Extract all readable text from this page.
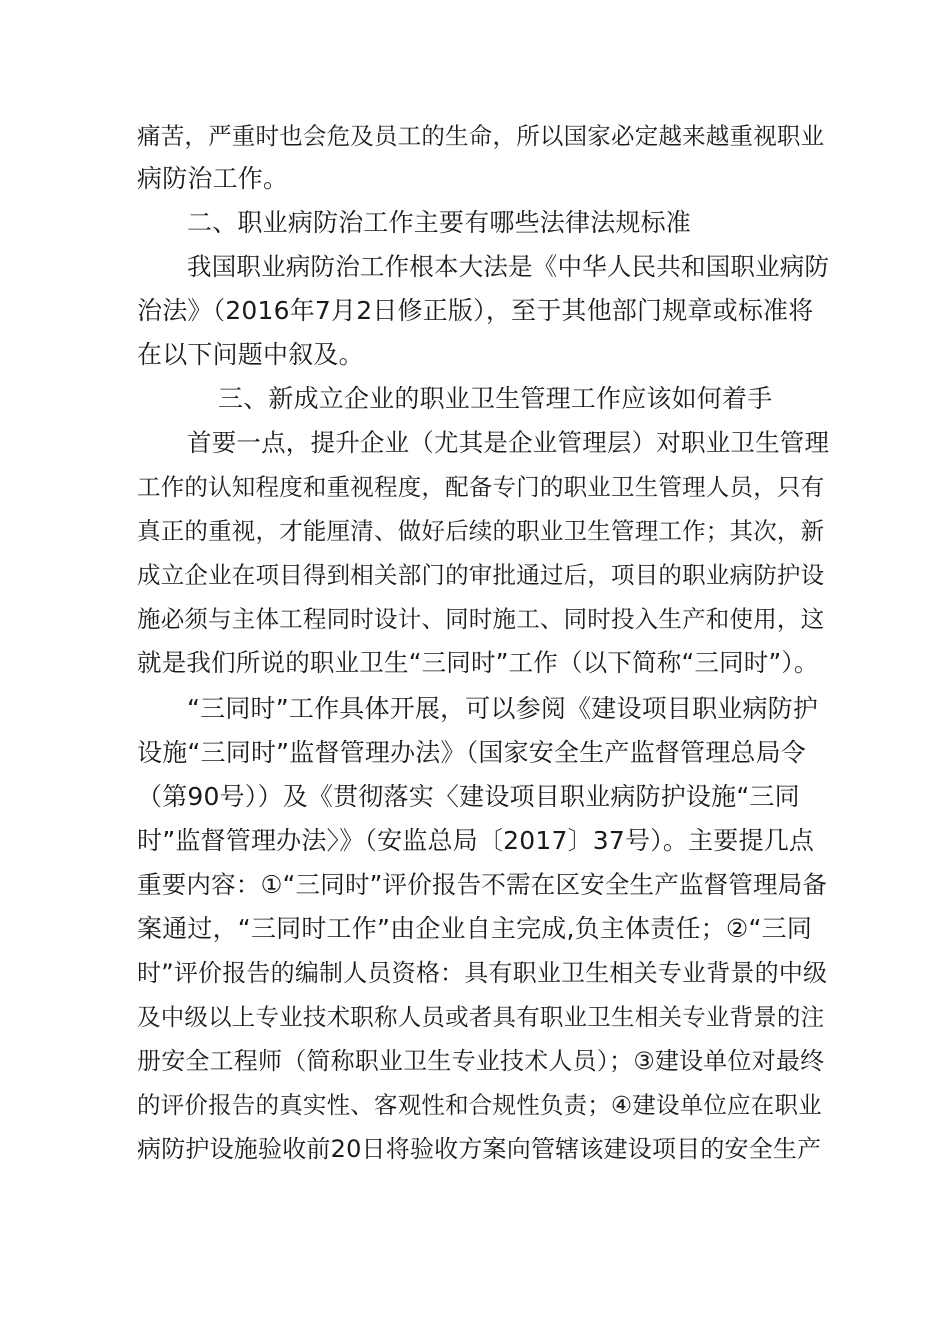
痛苦，严重时也会危及员工的生命，所以国家必定越来越重视职业
病防治工作。
二、职业病防治工作主要有哪些法律法规标准
我国职业病防治工作根本大法是《中华人民共和国职业病防
治法》（2016年7月2日修正版），至于其他部门规章或标准将
在以下问题中叙及。
三、新成立企业的职业卫生管理工作应该如何着手
首要一点，提升企业（尤其是企业管理层）对职业卫生管理
工作的认知程度和重视程度，配备专门的职业卫生管理人员，只有
真正的重视，才能厘清、做好后续的职业卫生管理工作；其次，新
成立企业在项目得到相关部门的审批通过后，项目的职业病防护设
施必须与主体工程同时设计、同时施工、同时投入生产和使用，这
就是我们所说的职业卫生“三同时”工作（以下简称“三同时”）。
“三同时”工作具体开展，可以参阅《建设项目职业病防护
设施“三同时”监督管理办法》（国家安全生产监督管理总局令
（第90号））及《贯彻落实〈建设项目职业病防护设施“三同
时”监督管理办法〉》（安监总局〔2017〕37号）。主要提几点
重要内容：①“三同时”评价报告不需在区安全生产监督管理局备
案通过，“三同时工作”由企业自主完成,负主体责任；②“三同
时”评价报告的编制人员资格：具有职业卫生相关专业背景的中级
及中级以上专业技术职称人员或者具有职业卫生相关专业背景的注
册安全工程师（简称职业卫生专业技术人员）；③建设单位对最终
的评价报告的真实性、客观性和合规性负责；④建设单位应在职业
病防护设施验收前20日将验收方案向管辖该建设项目的安全生产
